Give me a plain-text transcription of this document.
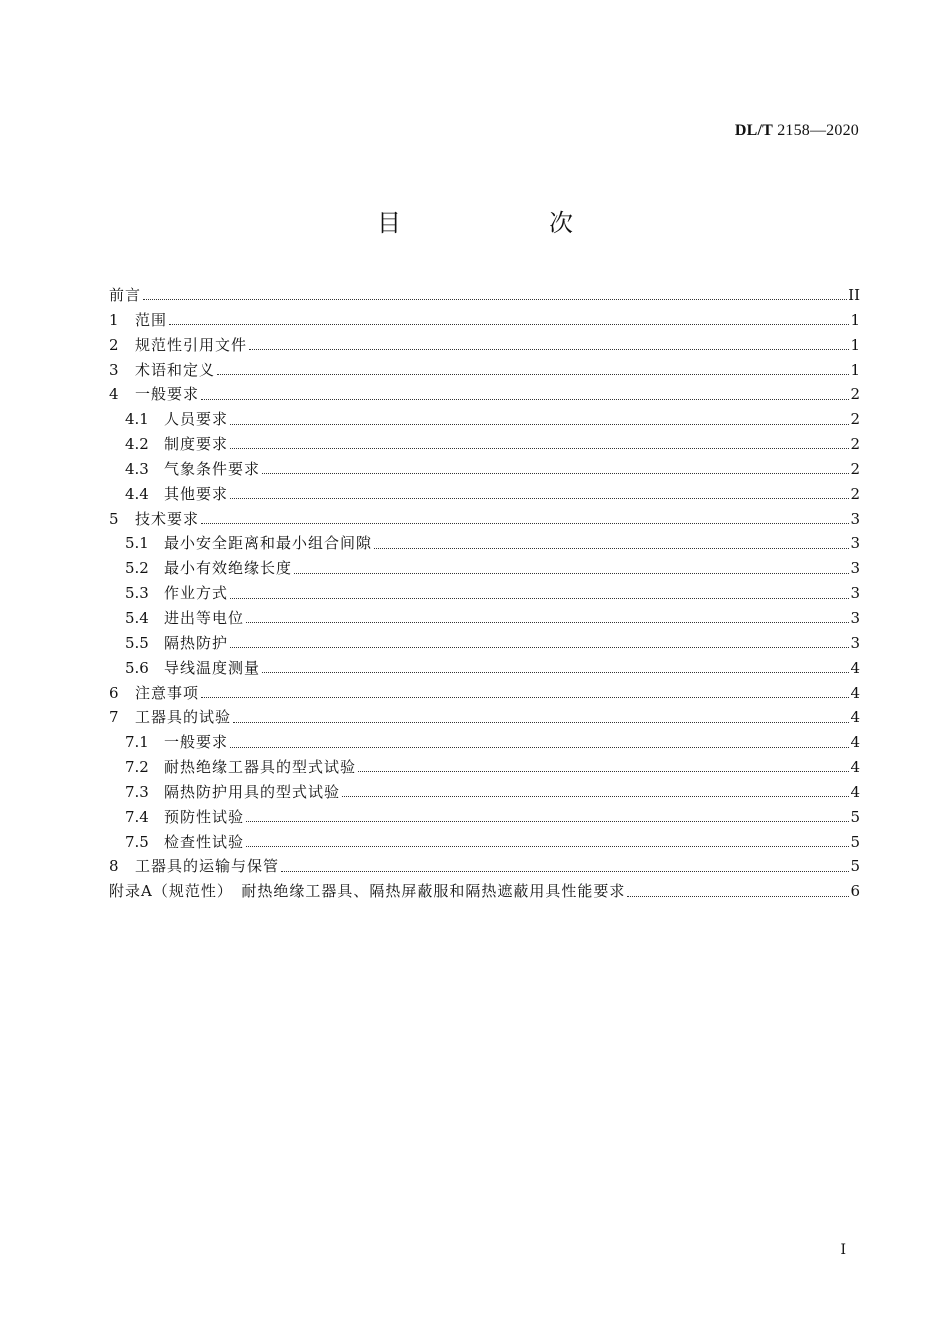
DL/T 2158—2020
目　次
前言	II
1	范围	1
2	规范性引用文件	1
3	术语和定义	1
4	一般要求	2
4.1	人员要求	2
4.2	制度要求	2
4.3	气象条件要求	2
4.4	其他要求	2
5	技术要求	3
5.1	最小安全距离和最小组合间隙	3
5.2	最小有效绝缘长度	3
5.3	作业方式	3
5.4	进出等电位	3
5.5	隔热防护	3
5.6	导线温度测量	4
6	注意事项	4
7	工器具的试验	4
7.1	一般要求	4
7.2	耐热绝缘工器具的型式试验	4
7.3	隔热防护用具的型式试验	4
7.4	预防性试验	5
7.5	检查性试验	5
8	工器具的运输与保管	5
附录A（规范性）　耐热绝缘工器具、隔热屏蔽服和隔热遮蔽用具性能要求	6
I
